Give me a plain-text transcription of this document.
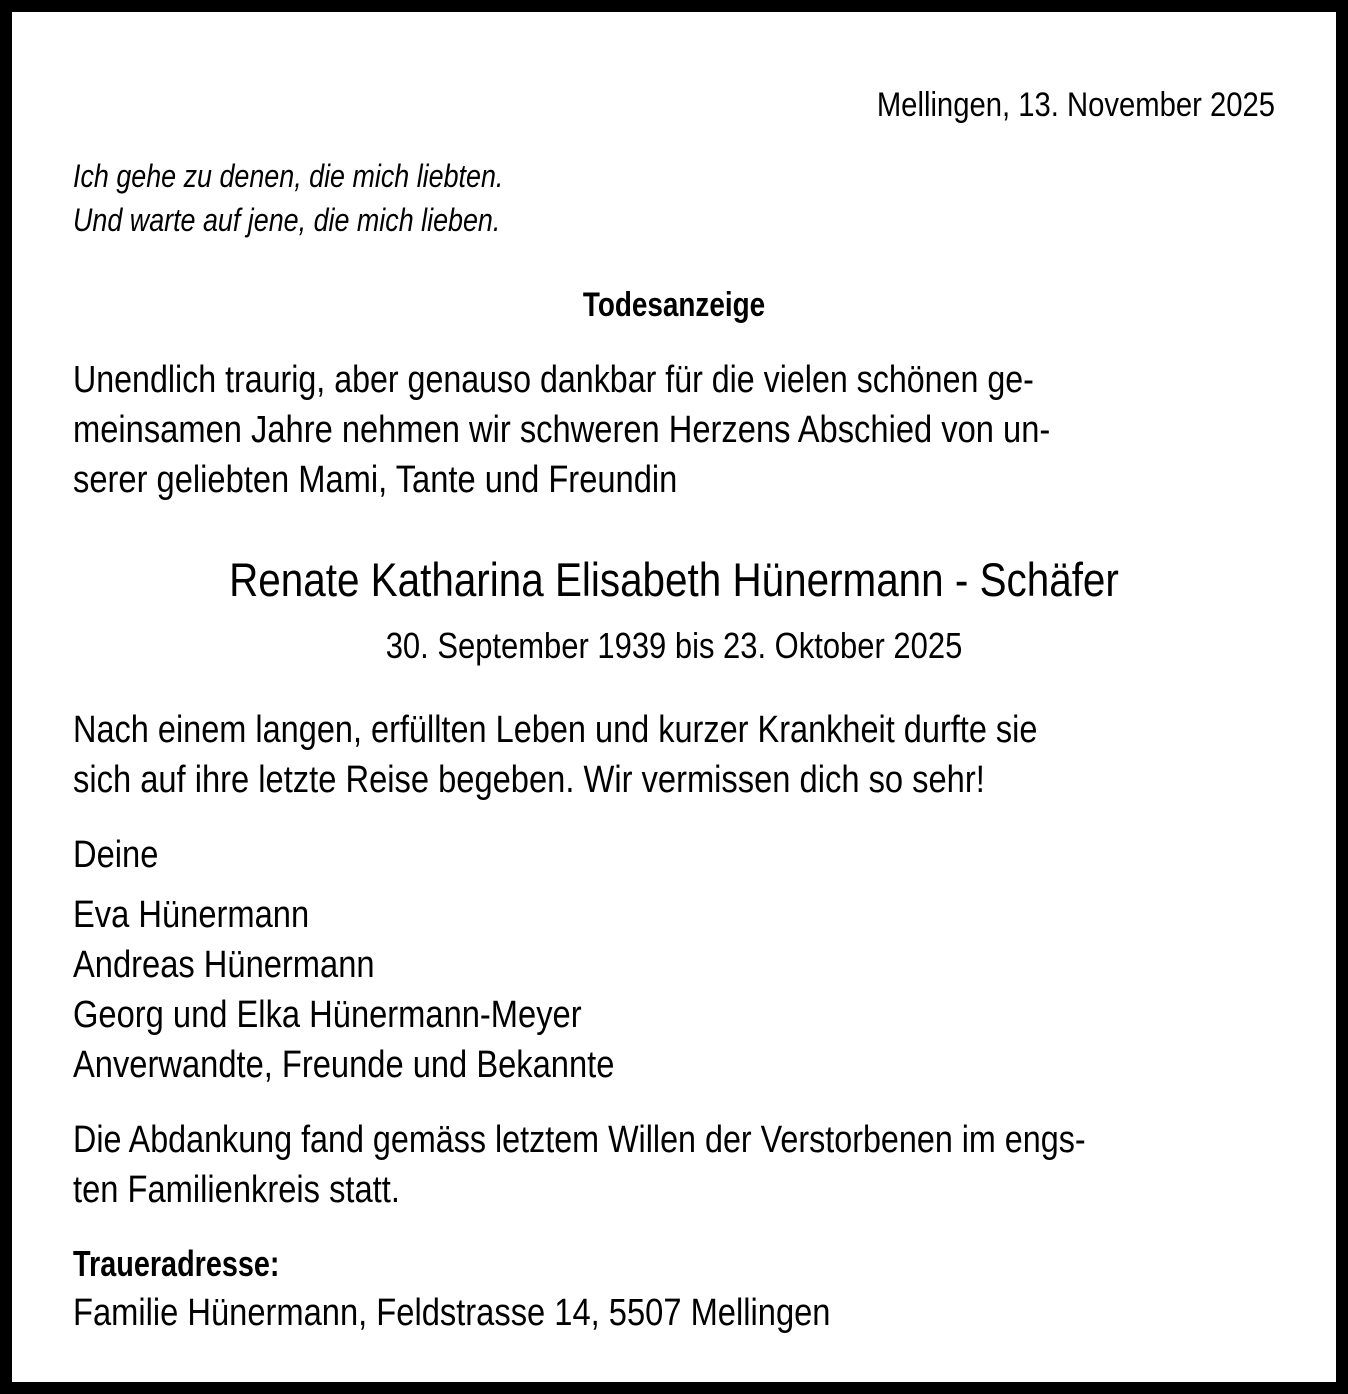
Mellingen, 13. November 2025
Ich gehe zu denen, die mich liebten.
Und warte auf jene, die mich lieben.
Todesanzeige
Unendlich traurig, aber genauso dankbar für die vielen schönen ge-
meinsamen Jahre nehmen wir schweren Herzens Abschied von un-
serer geliebten Mami, Tante und Freundin
Renate Katharina Elisabeth Hünermann - Schäfer
30. September 1939 bis 23. Oktober 2025
Nach einem langen, erfüllten Leben und kurzer Krankheit durfte sie
sich auf ihre letzte Reise begeben. Wir vermissen dich so sehr!
Deine
Eva Hünermann
Andreas Hünermann
Georg und Elka Hünermann-Meyer
Anverwandte, Freunde und Bekannte
Die Abdankung fand gemäss letztem Willen der Verstorbenen im engs-
ten Familienkreis statt.
Traueradresse:
Familie Hünermann, Feldstrasse 14, 5507 Mellingen
